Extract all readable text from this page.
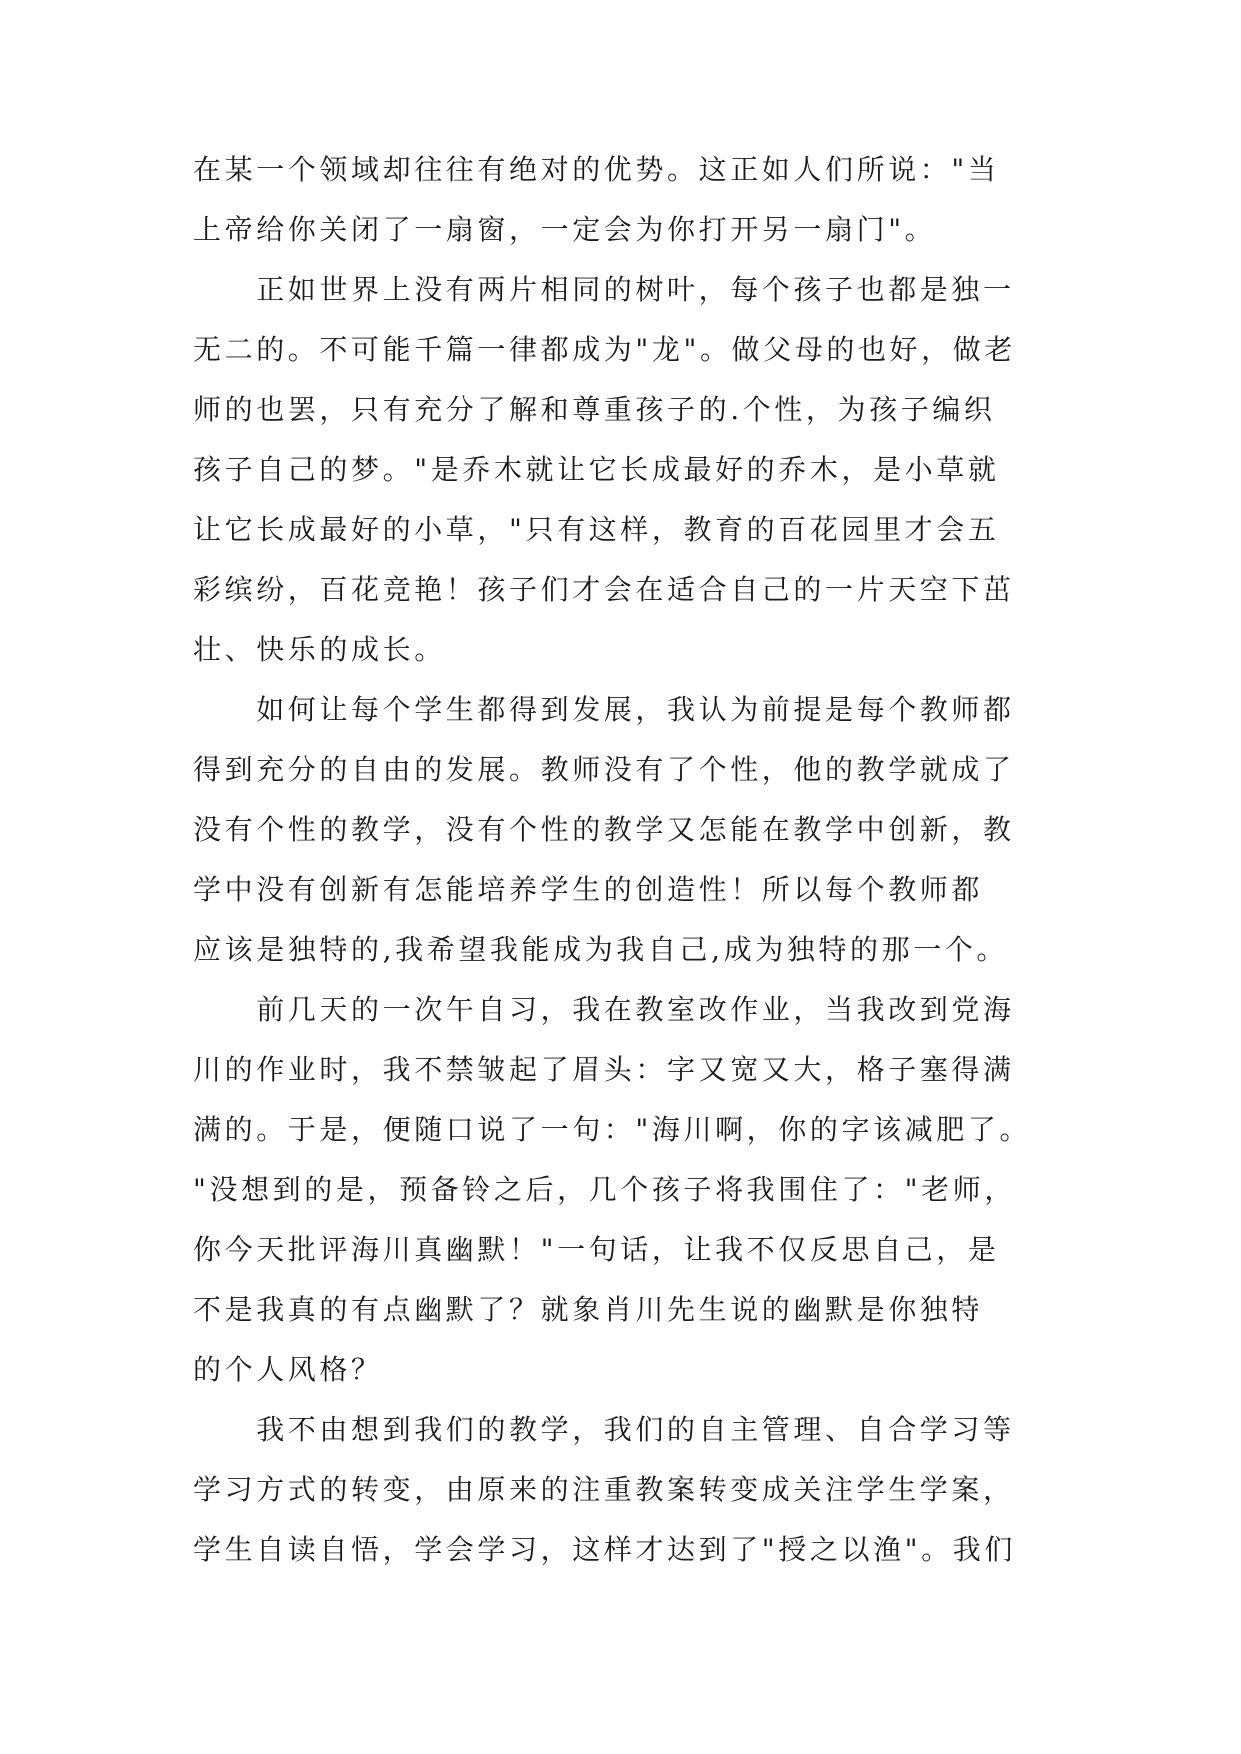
在某一个领域却往往有绝对的优势。这正如人们所说："当
上帝给你关闭了一扇窗，一定会为你打开另一扇门"。
　　正如世界上没有两片相同的树叶，每个孩子也都是独一
无二的。不可能千篇一律都成为"龙"。做父母的也好，做老
师的也罢，只有充分了解和尊重孩子的.个性，为孩子编织
孩子自己的梦。"是乔木就让它长成最好的乔木，是小草就
让它长成最好的小草，"只有这样，教育的百花园里才会五
彩缤纷，百花竞艳！孩子们才会在适合自己的一片天空下茁
壮、快乐的成长。
　　如何让每个学生都得到发展，我认为前提是每个教师都
得到充分的自由的发展。教师没有了个性，他的教学就成了
没有个性的教学，没有个性的教学又怎能在教学中创新，教
学中没有创新有怎能培养学生的创造性！所以每个教师都
应该是独特的,我希望我能成为我自己,成为独特的那一个。
　　前几天的一次午自习，我在教室改作业，当我改到党海
川的作业时，我不禁皱起了眉头：字又宽又大，格子塞得满
满的。于是，便随口说了一句："海川啊，你的字该减肥了。
"没想到的是，预备铃之后，几个孩子将我围住了："老师，
你今天批评海川真幽默！"一句话，让我不仅反思自己，是
不是我真的有点幽默了？就象肖川先生说的幽默是你独特
的个人风格？
　　我不由想到我们的教学，我们的自主管理、自合学习等
学习方式的转变，由原来的注重教案转变成关注学生学案，
学生自读自悟，学会学习，这样才达到了"授之以渔"。我们
